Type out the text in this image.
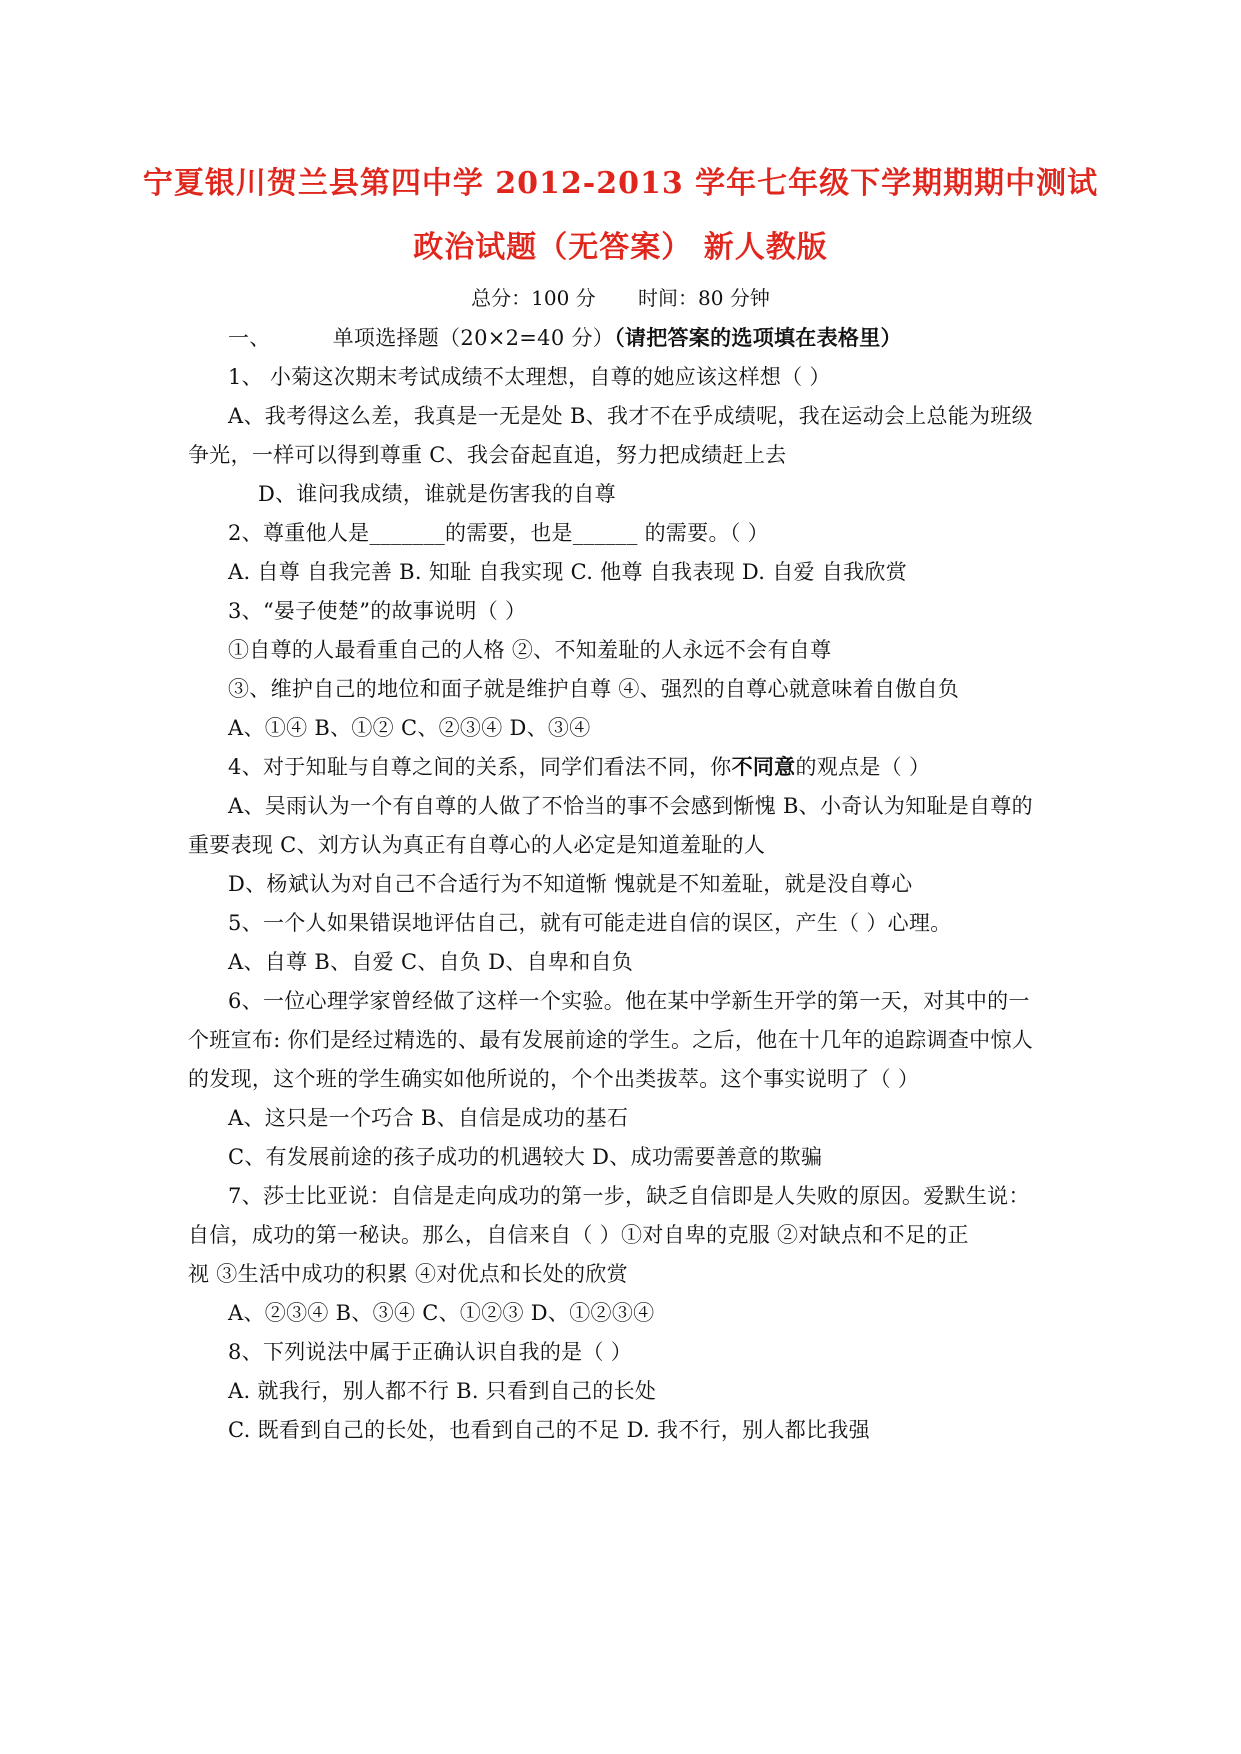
宁夏银川贺兰县第四中学 2012-2013 学年七年级下学期期期中测试
政治试题（无答案） 新人教版
总分：100 分 时间：80 分钟
一、	单项选择题（20×2=40 分）（请把答案的选项填在表格里）
1、 小菊这次期末考试成绩不太理想，自尊的她应该这样想（ ）
A、我考得这么差，我真是一无是处 B、我才不在乎成绩呢，我在运动会上总能为班级
争光，一样可以得到尊重 C、我会奋起直追，努力把成绩赶上去
D、谁问我成绩，谁就是伤害我的自尊
2、尊重他人是_______的需要，也是______ 的需要。（ ）
A. 自尊 自我完善 B. 知耻 自我实现 C. 他尊 自我表现 D. 自爱 自我欣赏
3、“晏子使楚”的故事说明（ ）
①自尊的人最看重自己的人格 ②、不知羞耻的人永远不会有自尊
③、维护自己的地位和面子就是维护自尊 ④、强烈的自尊心就意味着自傲自负
A、①④ B、①② C、②③④ D、③④
4、对于知耻与自尊之间的关系，同学们看法不同，你不同意的观点是（ ）
A、吴雨认为一个有自尊的人做了不恰当的事不会感到惭愧 B、小奇认为知耻是自尊的
重要表现 C、刘方认为真正有自尊心的人必定是知道羞耻的人
D、杨斌认为对自己不合适行为不知道惭 愧就是不知羞耻，就是没自尊心
5、一个人如果错误地评估自己，就有可能走进自信的误区，产生（ ）心理。
A、自尊 B、自爱 C、自负 D、自卑和自负
6、一位心理学家曾经做了这样一个实验。他在某中学新生开学的第一天，对其中的一
个班宣布: 你们是经过精选的、最有发展前途的学生。之后，他在十几年的追踪调查中惊人
的发现，这个班的学生确实如他所说的，个个出类拔萃。这个事实说明了（ ）
A、这只是一个巧合 B、自信是成功的基石
C、有发展前途的孩子成功的机遇较大 D、成功需要善意的欺骗
7、莎士比亚说：自信是走向成功的第一步，缺乏自信即是人失败的原因。爱默生说：
自信，成功的第一秘诀。那么，自信来自（ ）①对自卑的克服 ②对缺点和不足的正
视 ③生活中成功的积累 ④对优点和长处的欣赏
A、②③④ B、③④ C、①②③ D、①②③④
8、下列说法中属于正确认识自我的是（ ）
A. 就我行，别人都不行 B. 只看到自己的长处
C. 既看到自己的长处，也看到自己的不足 D. 我不行，别人都比我强
